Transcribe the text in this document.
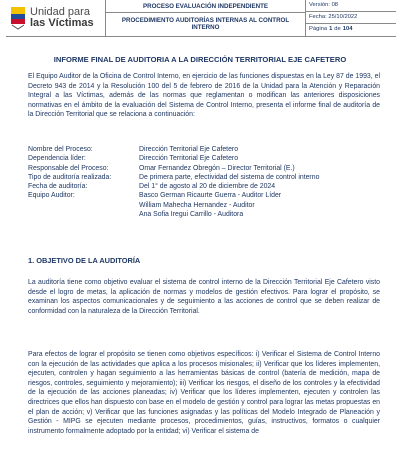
Unidad para
las Víctimas
PROCESO EVALUACIÓN INDEPENDIENTE
PROCEDIMIENTO AUDITORÍAS INTERNAS AL CONTROL INTERNO
Versión:
08
Fecha:
25/10/2022
Página 1 de 104
INFORME FINAL DE AUDITORIA A LA DIRECCIÓN TERRITORIAL EJE CAFETERO

El Equipo Auditor de la Oficina de Control Interno, en ejercicio de las funciones dispuestas en la Ley 87 de 1993, el Decreto 943 de 2014 y la Resolución 100 del 5 de febrero de 2016 de la Unidad para la Atención y Reparación Integral a las Víctimas, además de las normas que reglamentan o modifican las anteriores disposiciones normativas en el ámbito de la evaluación del Sistema de Control Interno, presenta el informe final de auditoría de la Dirección Territorial que se relaciona a continuación:

Nombre del Proceso:	Dirección Territorial Eje Cafetero
Dependencia líder:	Dirección Territorial Eje Cafetero
Responsable del Proceso:	Omar Fernandez Obregón – Director Territorial (E.)
Tipo de auditoría realizada:	De primera parte, efectividad del sistema de control interno
Fecha de auditoría:	Del 1° de agosto al 20 de diciembre de 2024
Equipo Auditor:	Basco German Ricaurte Guerra - Auditor Líder
William Mahecha Hernandez - Auditor
Ana Sofia Iregui Carrillo - Auditora
1. OBJETIVO DE LA AUDITORÍA

La auditoría tiene como objetivo evaluar el sistema de control interno de la Dirección Territorial Eje Cafetero visto desde el logro de metas, la aplicación de normas y modelos de gestión efectivos. Para lograr el propósito, se examinan los aspectos comunicacionales y de seguimiento a las acciones de control que se deben realizar de conformidad con la naturaleza de la Dirección Territorial.

Para efectos de lograr el propósito se tienen como objetivos específicos: i) Verificar el Sistema de Control Interno con la ejecución de las actividades que aplica a los procesos misionales; ii) Verificar que los líderes implementen, ejecuten, controlen y hagan seguimiento a las herramientas básicas de control (batería de medición, mapa de riesgos, controles, seguimiento y mejoramiento); iii) Verificar los riesgos, el diseño de los controles y la efectividad de la ejecución de las acciones planeadas; iv) Verificar que los líderes implementen, ejecuten y controlen las directrices que ellos han dispuesto con base en el modelo de gestión y control para lograr las metas propuestas en el plan de acción; v) Verificar que las funciones asignadas y las políticas del Modelo Integrado de Planeación y Gestión - MIPG se ejecuten mediante procesos, procedimientos, guías, instructivos, formatos o cualquier instrumento formalmente adoptado por la entidad; vi) Verificar el sistema de
